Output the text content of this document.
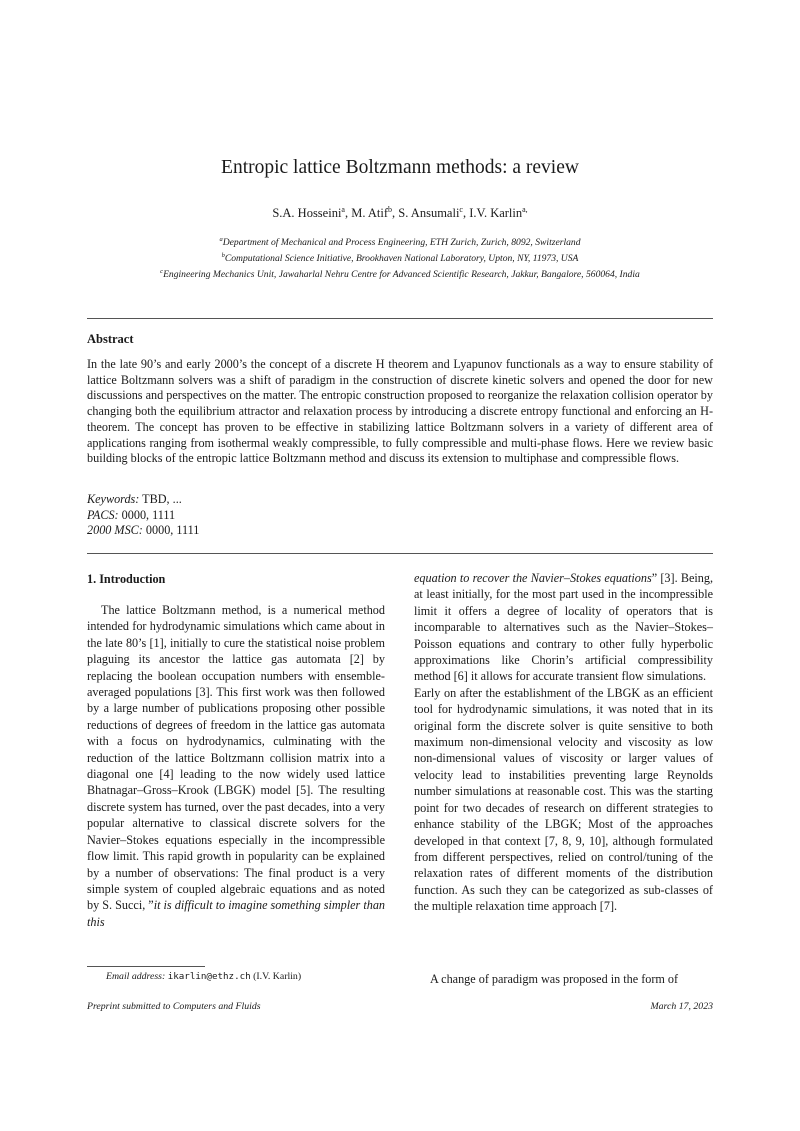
Entropic lattice Boltzmann methods: a review
S.A. Hosseini$^a$, M. Atif$^b$, S. Ansumali$^c$, I.V. Karlin$^{a,}$
$^a$Department of Mechanical and Process Engineering, ETH Zurich, Zurich, 8092, Switzerland
$^b$Computational Science Initiative, Brookhaven National Laboratory, Upton, NY, 11973, USA
$^c$Engineering Mechanics Unit, Jawaharlal Nehru Centre for Advanced Scientific Research, Jakkur, Bangalore, 560064, India
Abstract
In the late 90’s and early 2000’s the concept of a discrete H theorem and Lyapunov functionals as a way to ensure stability of lattice Boltzmann solvers was a shift of paradigm in the construction of discrete kinetic solvers and opened the door for new discussions and perspectives on the matter. The entropic construction proposed to reorganize the relaxation collision operator by changing both the equilibrium attractor and relaxation process by introducing a discrete entropy functional and enforcing an H-theorem. The concept has proven to be effective in stabilizing lattice Boltzmann solvers in a variety of different area of applications ranging from isothermal weakly compressible, to fully compressible and multi-phase flows. Here we review basic building blocks of the entropic lattice Boltzmann method and discuss its extension to multiphase and compressible flows.
Keywords: TBD, ...
PACS: 0000, 1111
2000 MSC: 0000, 1111
1. Introduction

The lattice Boltzmann method, is a numerical method intended for hydrodynamic simulations which came about in the late 80’s [1], initially to cure the statistical noise problem plaguing its ancestor the lattice gas automata [2] by replacing the boolean occupation numbers with ensemble-averaged populations [3]. This first work was then followed by a large number of publications proposing other possible reductions of degrees of freedom in the lattice gas automata with a focus on hydrodynamics, culminating with the reduction of the lattice Boltzmann collision matrix into a diagonal one [4] leading to the now widely used lattice Bhatnagar–Gross–Krook (LBGK) model [5]. The resulting discrete system has turned, over the past decades, into a very popular alternative to classical discrete solvers for the Navier–Stokes equations especially in the incompressible flow limit. This rapid growth in popularity can be explained by a number of observations: The final product is a very simple system of coupled algebraic equations and as noted by S. Succi, ”it is difficult to imagine something simpler than this

equation to recover the Navier–Stokes equations” [3]. Being, at least initially, for the most part used in the incompressible limit it offers a degree of locality of operators that is incomparable to alternatives such as the Navier–Stokes–Poisson equations and contrary to other fully hyperbolic approximations like Chorin’s artificial compressibility method [6] it allows for accurate transient flow simulations.

Early on after the establishment of the LBGK as an efficient tool for hydrodynamic simulations, it was noted that in its original form the discrete solver is quite sensitive to both maximum non-dimensional velocity and viscosity as low non-dimensional values of viscosity or larger values of velocity lead to instabilities preventing large Reynolds number simulations at reasonable cost. This was the starting point for two decades of research on different strategies to enhance stability of the LBGK; Most of the approaches developed in that context [7, 8, 9, 10], although formulated from different perspectives, relied on control/tuning of the relaxation rates of different moments of the distribution function. As such they can be categorized as sub-classes of the multiple relaxation time approach [7].

A change of paradigm was proposed in the form of
Email address: ikarlin@ethz.ch (I.V. Karlin)
Preprint submitted to Computers and Fluids	March 17, 2023
